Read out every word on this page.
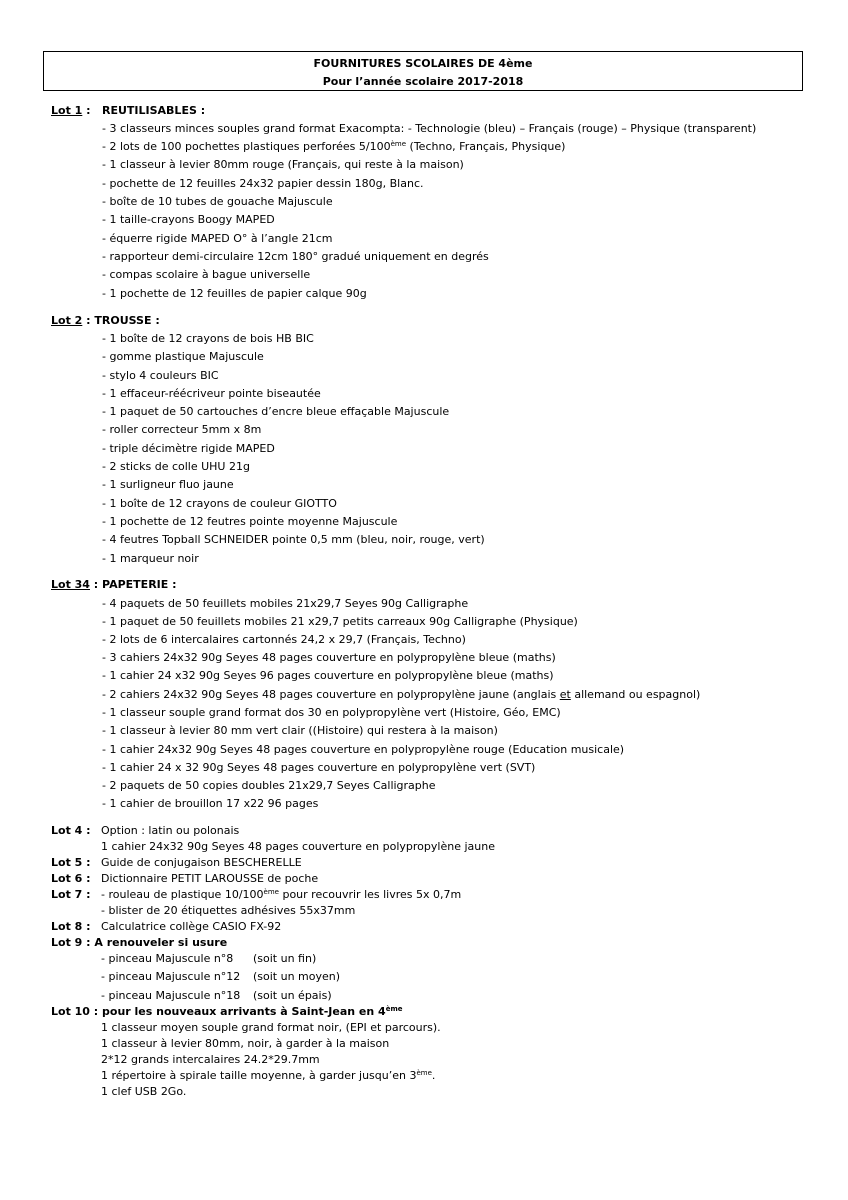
FOURNITURES SCOLAIRES DE 4ème
Pour l’année scolaire 2017-2018
Lot 1 : REUTILISABLES :
- 3 classeurs minces souples grand format Exacompta: - Technologie (bleu) – Français (rouge) – Physique (transparent)
- 2 lots de 100 pochettes plastiques perforées 5/100ème (Techno, Français, Physique)
- 1 classeur à levier 80mm rouge (Français, qui reste à la maison)
- pochette de 12 feuilles 24x32 papier dessin 180g, Blanc.
- boîte de 10 tubes de gouache Majuscule
- 1 taille-crayons Boogy MAPED
- équerre rigide MAPED O° à l’angle 21cm
- rapporteur demi-circulaire 12cm 180° gradué uniquement en degrés
- compas scolaire à bague universelle
- 1 pochette de 12 feuilles de papier calque 90g
Lot 2 : TROUSSE :
- 1 boîte de 12 crayons de bois HB BIC
- gomme plastique Majuscule
- stylo 4 couleurs BIC
- 1 effaceur-réécriveur pointe biseautée
- 1 paquet de 50 cartouches d’encre bleue effaçable Majuscule
- roller correcteur 5mm x 8m
- triple décimètre rigide MAPED
- 2 sticks de colle UHU 21g
- 1 surligneur fluo jaune
- 1 boîte de 12 crayons de couleur GIOTTO
- 1 pochette de 12 feutres pointe moyenne Majuscule
- 4 feutres Topball SCHNEIDER pointe 0,5 mm (bleu, noir, rouge, vert)
- 1 marqueur noir
Lot 34 : PAPETERIE :
- 4 paquets de 50 feuillets mobiles 21x29,7 Seyes 90g Calligraphe
- 1 paquet de 50 feuillets mobiles 21 x29,7 petits carreaux 90g Calligraphe (Physique)
- 2 lots de 6 intercalaires cartonnés 24,2 x 29,7 (Français, Techno)
- 3 cahiers 24x32 90g Seyes 48 pages couverture en polypropylène bleue (maths)
- 1 cahier 24 x32 90g Seyes 96 pages couverture en polypropylène bleue (maths)
- 2 cahiers 24x32 90g Seyes 48 pages couverture en polypropylène jaune (anglais et allemand ou espagnol)
- 1 classeur souple grand format dos 30 en polypropylène vert (Histoire, Géo, EMC)
- 1 classeur à levier 80 mm vert clair ((Histoire) qui restera à la maison)
- 1 cahier 24x32 90g Seyes 48 pages couverture en polypropylène rouge (Education musicale)
- 1 cahier 24 x 32 90g Seyes 48 pages couverture en polypropylène vert (SVT)
- 2 paquets de 50 copies doubles 21x29,7 Seyes Calligraphe
- 1 cahier de brouillon 17 x22 96 pages
Lot 4 : Option : latin ou polonais
1 cahier 24x32 90g Seyes 48 pages couverture en polypropylène jaune
Lot 5 : Guide de conjugaison BESCHERELLE
Lot 6 : Dictionnaire PETIT LAROUSSE de poche
Lot 7 : - rouleau de plastique 10/100ème pour recouvrir les livres 5x 0,7m
- blister de 20 étiquettes adhésives 55x37mm
Lot 8 : Calculatrice collège CASIO FX-92
Lot 9 : A renouveler si usure
- pinceau Majuscule n°8 (soit un fin)
- pinceau Majuscule n°12 (soit un moyen)
- pinceau Majuscule n°18 (soit un épais)
Lot 10 : pour les nouveaux arrivants à Saint-Jean en 4ème
1 classeur moyen souple grand format noir, (EPI et parcours).
1 classeur à levier 80mm, noir, à garder à la maison
2*12 grands intercalaires 24.2*29.7mm
1 répertoire à spirale taille moyenne, à garder jusqu’en 3ème.
1 clef USB 2Go.
